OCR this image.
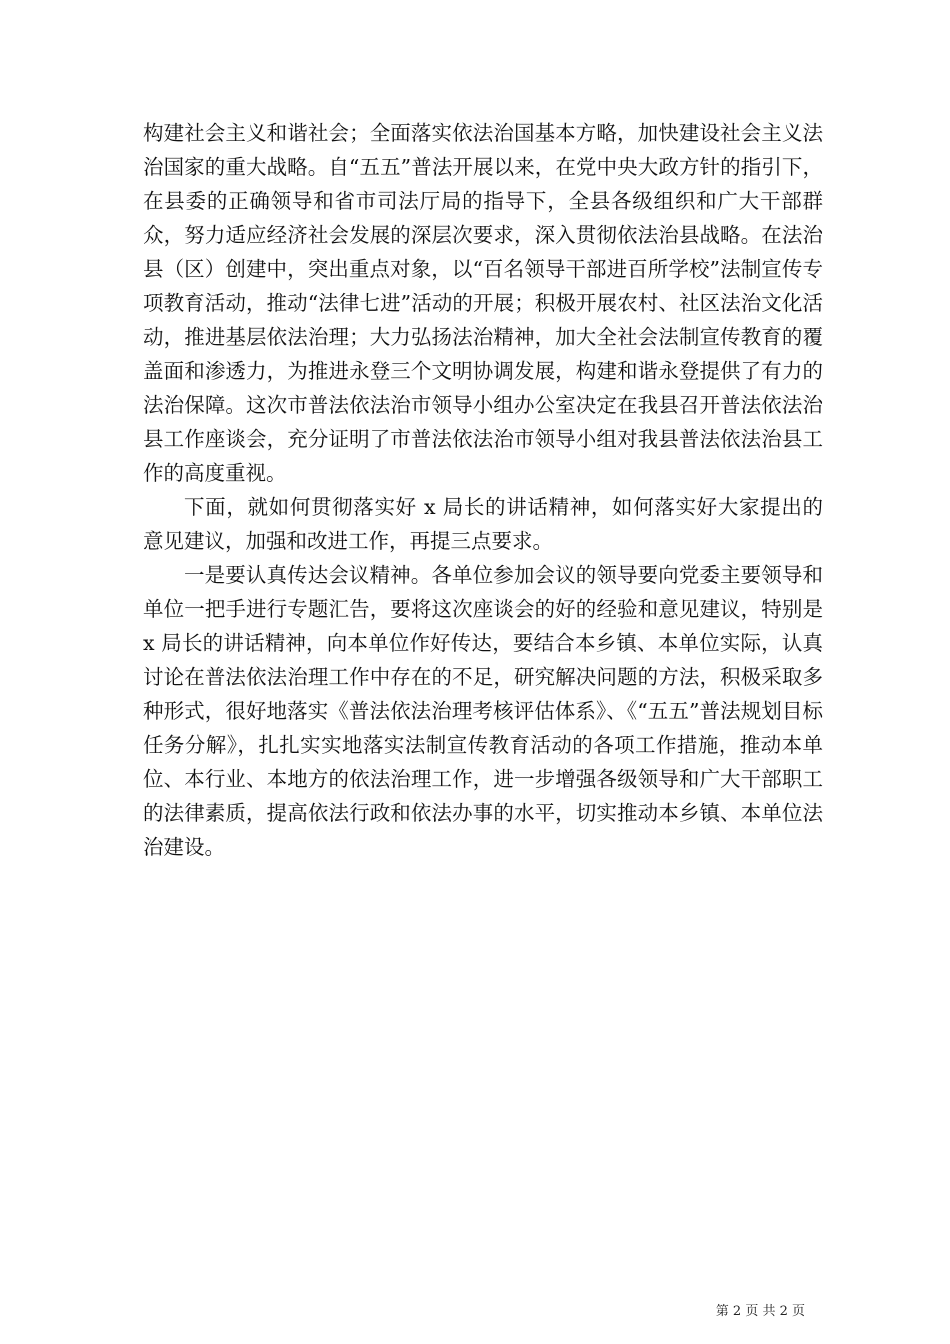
构建社会主义和谐社会；全面落实依法治国基本方略，加快建设社会主义法治国家的重大战略。自“五五”普法开展以来，在党中央大政方针的指引下，在县委的正确领导和省市司法厅局的指导下，全县各级组织和广大干部群众，努力适应经济社会发展的深层次要求，深入贯彻依法治县战略。在法治县（区）创建中，突出重点对象，以“百名领导干部进百所学校”法制宣传专项教育活动，推动“法律七进”活动的开展；积极开展农村、社区法治文化活动，推进基层依法治理；大力弘扬法治精神，加大全社会法制宣传教育的覆盖面和渗透力，为推进永登三个文明协调发展，构建和谐永登提供了有力的法治保障。这次市普法依法治市领导小组办公室决定在我县召开普法依法治县工作座谈会，充分证明了市普法依法治市领导小组对我县普法依法治县工作的高度重视。

下面，就如何贯彻落实好 x 局长的讲话精神，如何落实好大家提出的意见建议，加强和改进工作，再提三点要求。

一是要认真传达会议精神。各单位参加会议的领导要向党委主要领导和单位一把手进行专题汇告，要将这次座谈会的好的经验和意见建议，特别是 x 局长的讲话精神，向本单位作好传达，要结合本乡镇、本单位实际，认真讨论在普法依法治理工作中存在的不足，研究解决问题的方法，积极采取多种形式，很好地落实《普法依法治理考核评估体系》、《“五五”普法规划目标任务分解》，扎扎实实地落实法制宣传教育活动的各项工作措施，推动本单位、本行业、本地方的依法治理工作，进一步增强各级领导和广大干部职工的法律素质，提高依法行政和依法办事的水平，切实推动本乡镇、本单位法治建设。

第 2 页 共 2 页
